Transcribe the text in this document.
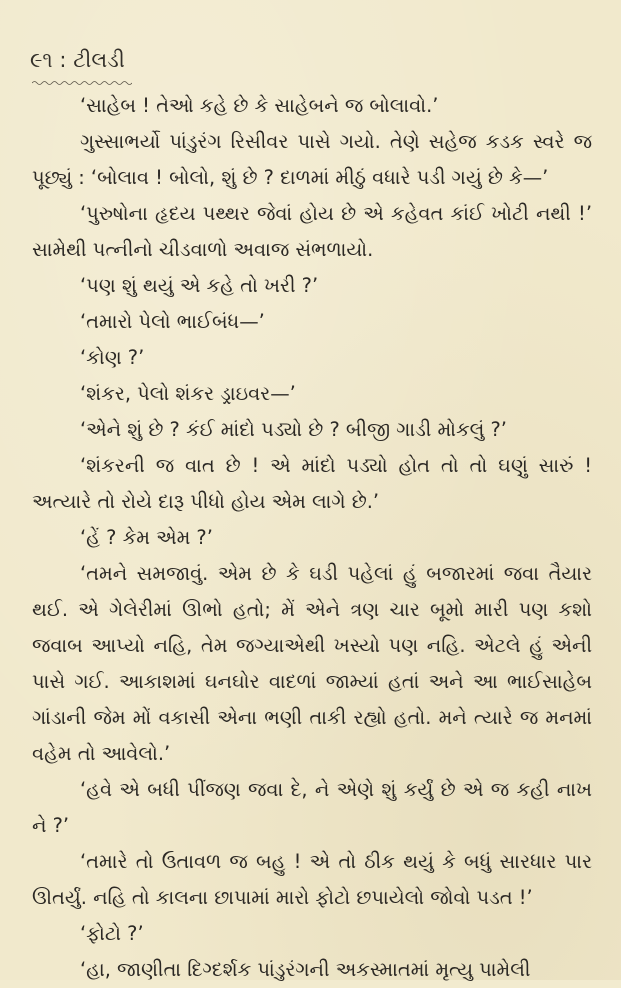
૯૧ : ટીલડી

‘સાહેબ ! તેઓ કહે છે કે સાહેબને જ બોલાવો.’

ગુસ્સાભર્યો પાંડુરંગ રિસીવર પાસે ગયો. તેણે સહેજ કડક સ્વરે જ પૂછ્યું : ‘બોલાવ ! બોલો, શું છે ? દાળમાં મીઠું વધારે પડી ગયું છે કે—’

‘પુરુષોના હૃદય પથ્થર જેવાં હોય છે એ કહેવત કાંઈ ખોટી નથી !’ સામેથી પત્નીનો ચીડવાળો અવાજ સંભળાયો.

‘પણ શું થયું એ કહે તો ખરી ?’

‘તમારો પેલો ભાઈબંધ—’

‘કોણ ?’

‘શંકર, પેલો શંકર ડ્રાઇવર—’

‘એને શું છે ? કંઈ માંદો પડ્યો છે ? બીજી ગાડી મોકલું ?’

‘શંકરની જ વાત છે ! એ માંદો પડ્યો હોત તો તો ઘણું સારું ! અત્યારે તો રોયે દારૂ પીધો હોય એમ લાગે છે.’

‘હેં ? કેમ એમ ?’

‘તમને સમજાવું. એમ છે કે ઘડી પહેલાં હું બજારમાં જવા તૈયાર થઈ. એ ગેલેરીમાં ઊભો હતો; મેં એને ત્રણ ચાર બૂમો મારી પણ કશો જવાબ આપ્યો નહિ, તેમ જગ્યાએથી ખસ્યો પણ નહિ. એટલે હું એની પાસે ગઈ. આકાશમાં ઘનઘોર વાદળાં જામ્યાં હતાં અને આ ભાઈસાહેબ ગાંડાની જેમ મોં વકાસી એના ભણી તાકી રહ્યો હતો. મને ત્યારે જ મનમાં વહેમ તો આવેલો.’

‘હવે એ બધી પીંજણ જવા દે, ને એણે શું કર્યું છે એ જ કહી નાખ ને ?’

‘તમારે તો ઉતાવળ જ બહુ ! એ તો ઠીક થયું કે બધું સારધાર પાર ઊતર્યું. નહિ તો કાલના છાપામાં મારો ફોટો છપાયેલો જોવો પડત !’

‘ફોટો ?’

‘હા, જાણીતા દિગ્દર્શક પાંડુરંગની અકસ્માતમાં મૃત્યુ પામેલી
